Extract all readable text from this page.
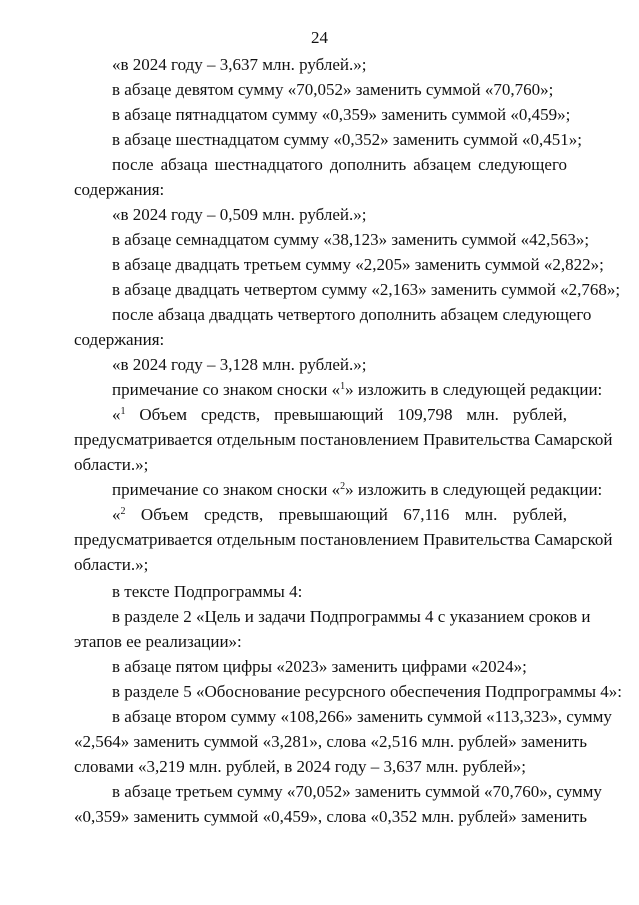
24
«в 2024 году – 3,637 млн. рублей.»;
в абзаце девятом сумму «70,052» заменить суммой «70,760»;
в абзаце пятнадцатом сумму «0,359» заменить суммой «0,459»;
в абзаце шестнадцатом сумму «0,352» заменить суммой «0,451»;
после абзаца шестнадцатого дополнить абзацем следующего
содержания:
«в 2024 году – 0,509 млн. рублей.»;
в абзаце семнадцатом сумму «38,123» заменить суммой «42,563»;
в абзаце двадцать третьем сумму «2,205» заменить суммой «2,822»;
в абзаце двадцать четвертом сумму «2,163» заменить суммой «2,768»;
после абзаца двадцать четвертого дополнить абзацем следующего
содержания:
«в 2024 году – 3,128 млн. рублей.»;
примечание со знаком сноски «$^1$» изложить в следующей редакции:
«$^1$ Объем средств, превышающий 109,798 млн. рублей,
предусматривается отдельным постановлением Правительства Самарской
области.»;
примечание со знаком сноски «$^2$» изложить в следующей редакции:
«$^2$ Объем средств, превышающий 67,116 млн. рублей,
предусматривается отдельным постановлением Правительства Самарской
области.»;
в тексте Подпрограммы 4:
в разделе 2 «Цель и задачи Подпрограммы 4 с указанием сроков и
этапов ее реализации»:
в абзаце пятом цифры «2023» заменить цифрами «2024»;
в разделе 5 «Обоснование ресурсного обеспечения Подпрограммы 4»:
в абзаце втором сумму «108,266» заменить суммой «113,323», сумму
«2,564» заменить суммой «3,281», слова «2,516 млн. рублей» заменить
словами «3,219 млн. рублей, в 2024 году – 3,637 млн. рублей»;
в абзаце третьем сумму «70,052» заменить суммой «70,760», сумму
«0,359» заменить суммой «0,459», слова «0,352 млн. рублей» заменить
